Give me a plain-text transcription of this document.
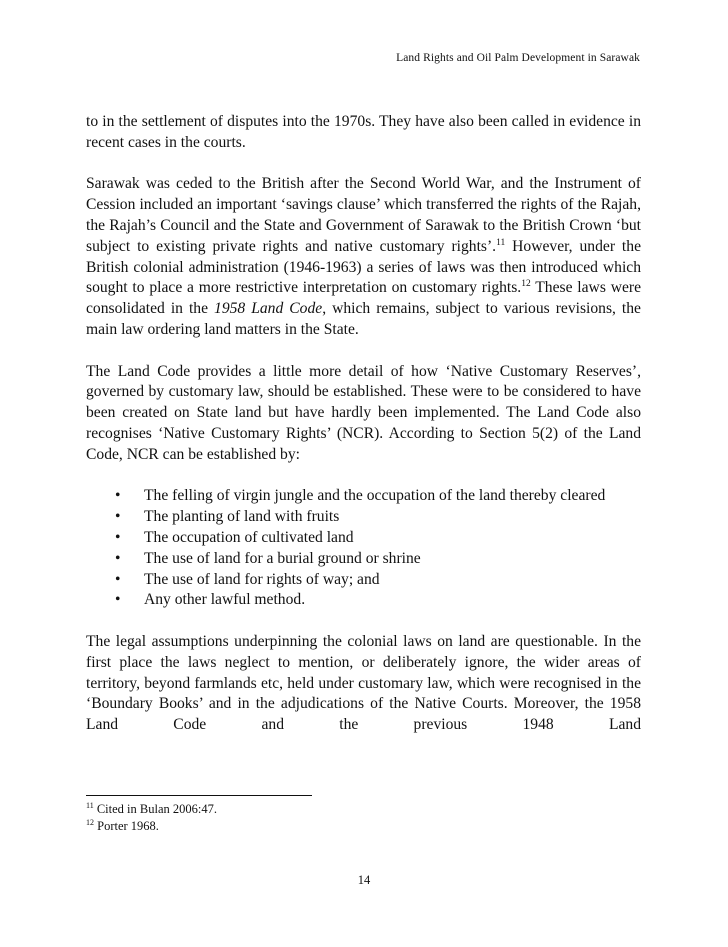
Land Rights and Oil Palm Development in Sarawak

to in the settlement of disputes into the 1970s. They have also been called in evidence in recent cases in the courts.

Sarawak was ceded to the British after the Second World War, and the Instrument of Cession included an important ‘savings clause’ which transferred the rights of the Rajah, the Rajah’s Council and the State and Government of Sarawak to the British Crown ‘but subject to existing private rights and native customary rights’.$^{11}$ However, under the British colonial administration (1946-1963) a series of laws was then introduced which sought to place a more restrictive interpretation on customary rights.$^{12}$ These laws were consolidated in the 1958 Land Code, which remains, subject to various revisions, the main law ordering land matters in the State.

The Land Code provides a little more detail of how ‘Native Customary Reserves’, governed by customary law, should be established. These were to be considered to have been created on State land but have hardly been implemented. The Land Code also recognises ‘Native Customary Rights’ (NCR). According to Section 5(2) of the Land Code, NCR can be established by:

• The felling of virgin jungle and the occupation of the land thereby cleared
• The planting of land with fruits
• The occupation of cultivated land
• The use of land for a burial ground or shrine
• The use of land for rights of way; and
• Any other lawful method.

The legal assumptions underpinning the colonial laws on land are questionable. In the first place the laws neglect to mention, or deliberately ignore, the wider areas of territory, beyond farmlands etc, held under customary law, which were recognised in the ‘Boundary Books’ and in the adjudications of the Native Courts. Moreover, the 1958 Land Code and the previous 1948 Land

$^{11}$ Cited in Bulan 2006:47.
$^{12}$ Porter 1968.
14
